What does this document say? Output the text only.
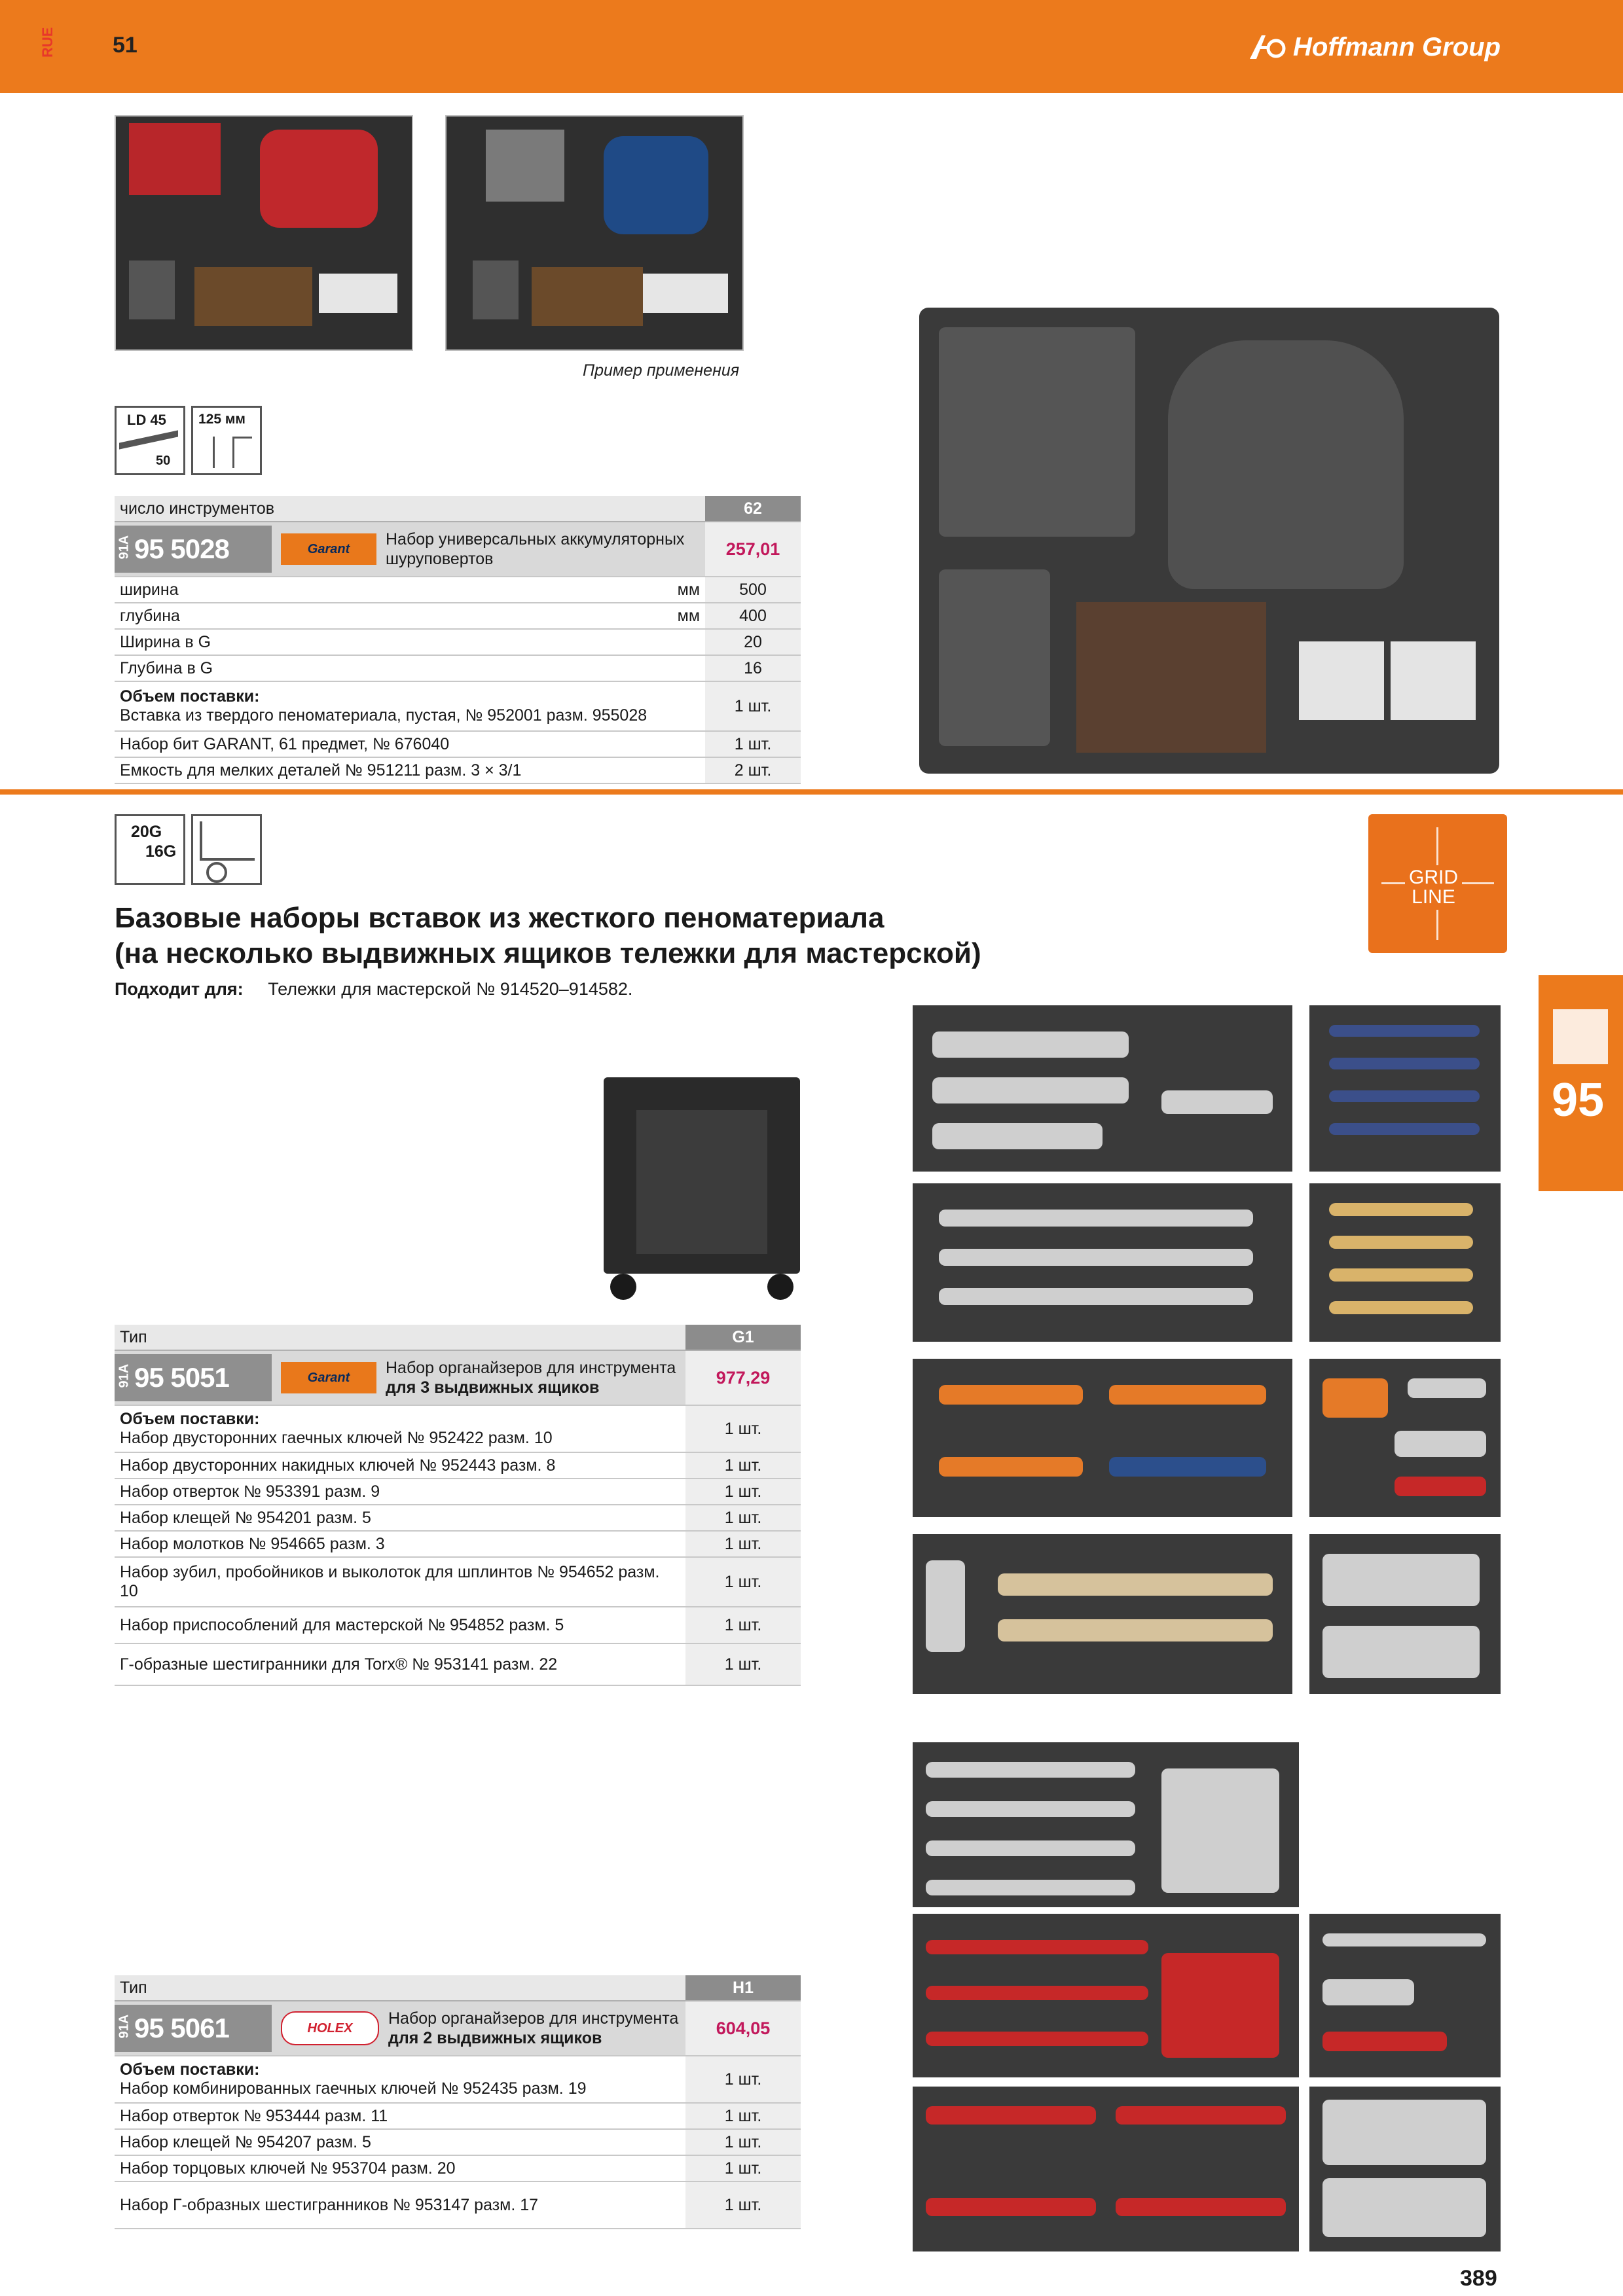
RUE	51	Hoffmann Group
Пример применения
LD 45
50
125 мм
число инструментов		62

91A 95 5028 Garant
Набор универсальных аккумуляторных шуруповертов		257,01
ширина	мм	500
глубина	мм	400
Ширина в G		20
Глубина в G		16

Объем поставки:
Вставка из твердого пеноматериала, пустая, № 952001 разм. 955028		1 шт.
Набор бит GARANT, 61 предмет, № 676040		1 шт.
Емкость для мелких деталей № 951211 разм. 3 × 3/1		2 шт.
20G
16G
Базовые наборы вставок из жесткого пеноматериала
(на несколько выдвижных ящиков тележки для мастерской)
Подходит для: Тележки для мастерской № 914520–914582.
GRID
LINE
95
Тип	G1

91A 95 5051 Garant
Набор органайзеров для инструмента
для 3 выдвижных ящиков	977,29

Объем поставки:
Набор двусторонних гаечных ключей № 952422 разм. 10	1 шт.
Набор двусторонних накидных ключей № 952443 разм. 8	1 шт.
Набор отверток № 953391 разм. 9	1 шт.
Набор клещей № 954201 разм. 5	1 шт.
Набор молотков № 954665 разм. 3	1 шт.
Набор зубил, пробойников и выколоток для шплинтов № 954652 разм. 10	1 шт.
Набор приспособлений для мастерской № 954852 разм. 5	1 шт.
Г-образные шестигранники для Torx® № 953141 разм. 22	1 шт.
Тип	H1

91A 95 5061 HOLEX
Набор органайзеров для инструмента
для 2 выдвижных ящиков	604,05

Объем поставки:
Набор комбинированных гаечных ключей № 952435 разм. 19	1 шт.
Набор отверток № 953444 разм. 11	1 шт.
Набор клещей № 954207 разм. 5	1 шт.
Набор торцовых ключей № 953704 разм. 20	1 шт.
Набор Г-образных шестигранников № 953147 разм. 17	1 шт.
389
